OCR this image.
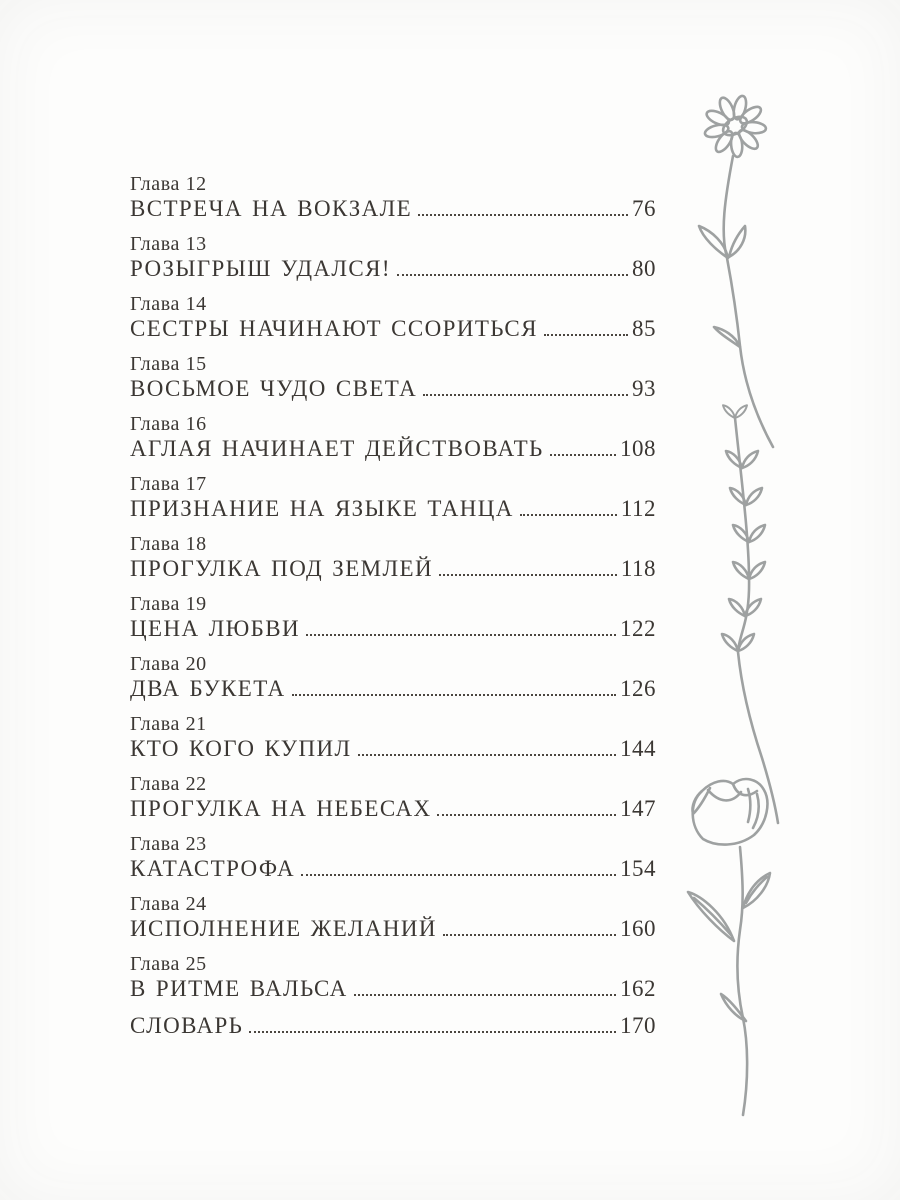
Глава 12
ВСТРЕЧА НА ВОКЗАЛЕ	76
Глава 13
РОЗЫГРЫШ УДАЛСЯ!	80
Глава 14
СЕСТРЫ НАЧИНАЮТ ССОРИТЬСЯ	85
Глава 15
ВОСЬМОЕ ЧУДО СВЕТА	93
Глава 16
АГЛАЯ НАЧИНАЕТ ДЕЙСТВОВАТЬ	108
Глава 17
ПРИЗНАНИЕ НА ЯЗЫКЕ ТАНЦА	112
Глава 18
ПРОГУЛКА ПОД ЗЕМЛЕЙ	118
Глава 19
ЦЕНА ЛЮБВИ	122
Глава 20
ДВА БУКЕТА	126
Глава 21
КТО КОГО КУПИЛ	144
Глава 22
ПРОГУЛКА НА НЕБЕСАХ	147
Глава 23
КАТАСТРОФА	154
Глава 24
ИСПОЛНЕНИЕ ЖЕЛАНИЙ	160
Глава 25
В РИТМЕ ВАЛЬСА	162
СЛОВАРЬ	170
